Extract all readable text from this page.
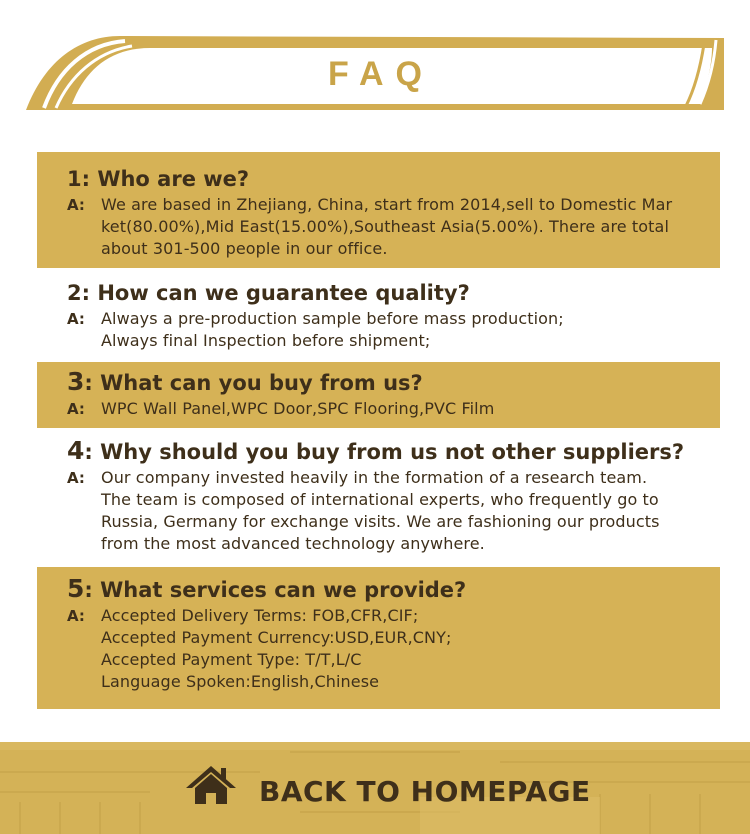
FAQ
1: Who are we?
A:	We are based in Zhejiang, China, start from 2014,sell to Domestic Mar
ket(80.00%),Mid East(15.00%),Southeast Asia(5.00%). There are total
about 301-500 people in our office.
2: How can we guarantee quality?
A:	Always a pre-production sample before mass production;
Always final Inspection before shipment;
3: What can you buy from us?
A:	WPC Wall Panel,WPC Door,SPC Flooring,PVC Film
4: Why should you buy from us not other suppliers?
A:	Our company invested heavily in the formation of a research team.
The team is composed of international experts, who frequently go to
Russia, Germany for exchange visits. We are fashioning our products
from the most advanced technology anywhere.
5: What services can we provide?
A:	Accepted Delivery Terms: FOB,CFR,CIF;
Accepted Payment Currency:USD,EUR,CNY;
Accepted Payment Type: T/T,L/C
Language Spoken:English,Chinese
BACK TO HOMEPAGE
